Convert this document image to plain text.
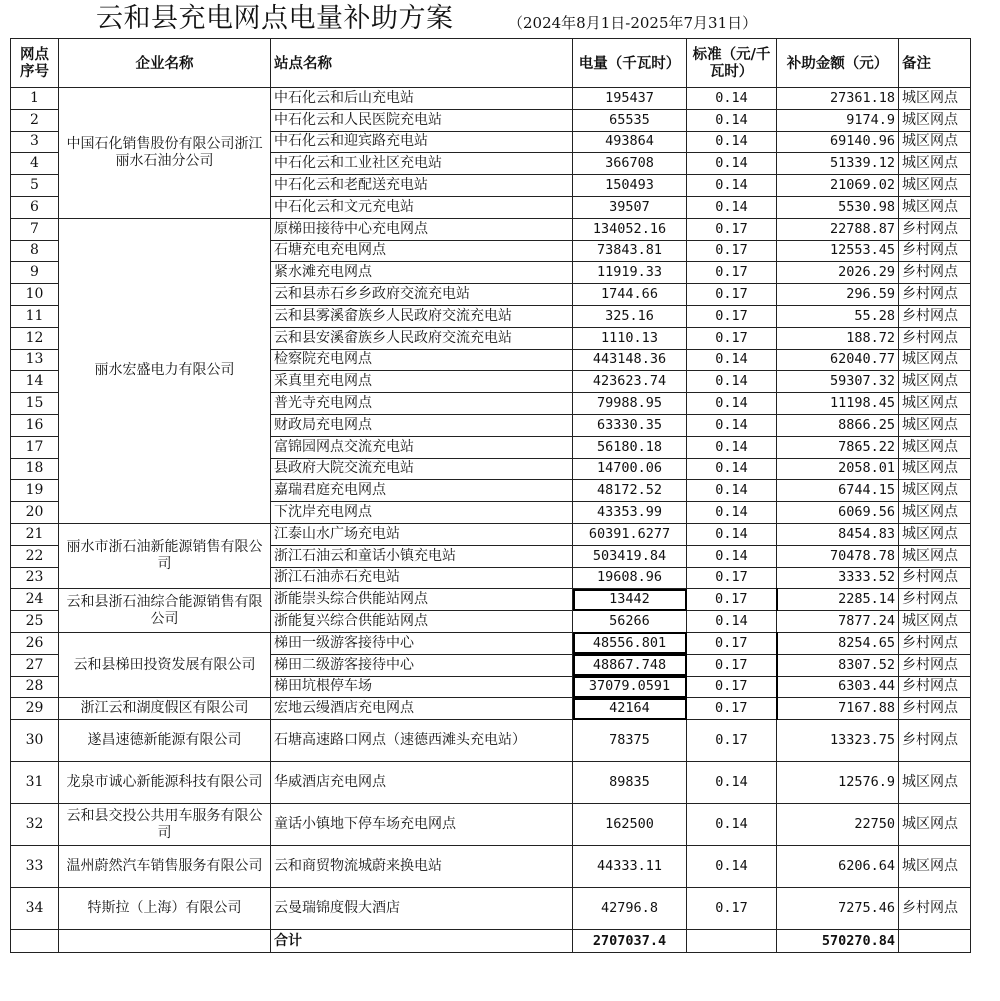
云和县充电网点电量补助方案	（2024年8月1日-2025年7月31日）
网点序号	企业名称	站点名称	电量（千瓦时）	标准（元/千瓦时）	补助金额（元）	备注
1	中国石化销售股份有限公司浙江丽水石油分公司	中石化云和后山充电站	195437	0.14	27361.18	城区网点
2		中石化云和人民医院充电站	65535	0.14	9174.9	城区网点
3		中石化云和迎宾路充电站	493864	0.14	69140.96	城区网点
4		中石化云和工业社区充电站	366708	0.14	51339.12	城区网点
5		中石化云和老配送充电站	150493	0.14	21069.02	城区网点
6		中石化云和文元充电站	39507	0.14	5530.98	城区网点
7	丽水宏盛电力有限公司	原梯田接待中心充电网点	134052.16	0.17	22788.87	乡村网点
8		石塘充电充电网点	73843.81	0.17	12553.45	乡村网点
9		紧水滩充电网点	11919.33	0.17	2026.29	乡村网点
10		云和县赤石乡乡政府交流充电站	1744.66	0.17	296.59	乡村网点
11		云和县雾溪畲族乡人民政府交流充电站	325.16	0.17	55.28	乡村网点
12		云和县安溪畲族乡人民政府交流充电站	1110.13	0.17	188.72	乡村网点
13		检察院充电网点	443148.36	0.14	62040.77	城区网点
14		采真里充电网点	423623.74	0.14	59307.32	城区网点
15		普光寺充电网点	79988.95	0.14	11198.45	城区网点
16		财政局充电网点	63330.35	0.14	8866.25	城区网点
17		富锦园网点交流充电站	56180.18	0.14	7865.22	城区网点
18		县政府大院交流充电站	14700.06	0.14	2058.01	城区网点
19		嘉瑞君庭充电网点	48172.52	0.14	6744.15	城区网点
20		下沈岸充电网点	43353.99	0.14	6069.56	城区网点
21	丽水市浙石油新能源销售有限公司	江泰山水广场充电站	60391.6277	0.14	8454.83	城区网点
22		浙江石油云和童话小镇充电站	503419.84	0.14	70478.78	城区网点
23		浙江石油赤石充电站	19608.96	0.17	3333.52	乡村网点
24	云和县浙石油综合能源销售有限公司	浙能崇头综合供能站网点	13442	0.17	2285.14	乡村网点
25		浙能复兴综合供能站网点	56266	0.14	7877.24	城区网点
26	云和县梯田投资发展有限公司	梯田一级游客接待中心	48556.801	0.17	8254.65	乡村网点
27		梯田二级游客接待中心	48867.748	0.17	8307.52	乡村网点
28		梯田坑根停车场	37079.0591	0.17	6303.44	乡村网点
29	浙江云和湖度假区有限公司	宏地云缦酒店充电网点	42164	0.17	7167.88	乡村网点
30	遂昌速德新能源有限公司	石塘高速路口网点（速德西滩头充电站）	78375	0.17	13323.75	乡村网点
31	龙泉市诚心新能源科技有限公司	华威酒店充电网点	89835	0.14	12576.9	城区网点
32	云和县交投公共用车服务有限公司	童话小镇地下停车场充电网点	162500	0.14	22750	城区网点
33	温州蔚然汽车销售服务有限公司	云和商贸物流城蔚来换电站	44333.11	0.14	6206.64	城区网点
34	特斯拉（上海）有限公司	云曼瑞锦度假大酒店	42796.8	0.17	7275.46	乡村网点
		合计	2707037.4		570270.84	
